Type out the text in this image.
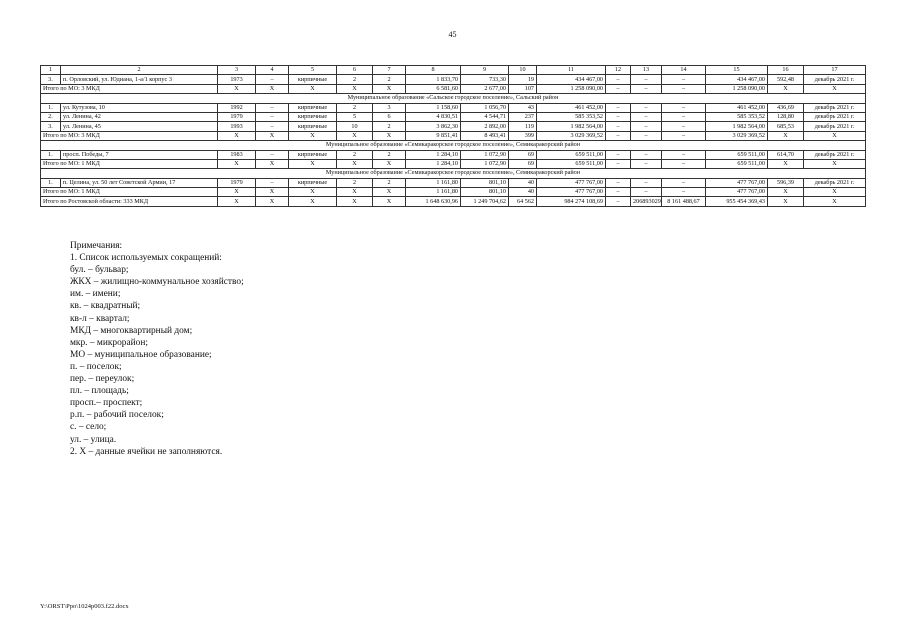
45
1	2	3	4	5	6	7	8	9	10	11	12	13	14	15	16	17
3.	п. Орловский, ул. Юдиана, 1-а/1 корпус 3	1973	–	кирпичные	2	2	1 833,70	733,30	19	434 467,00	–	–	–	434 467,00	592,48	декабрь 2021 г.
Итого по МО: 3 МКД		Х	Х	Х	Х	Х	6 581,60	2 677,00	107	1 258 090,00	–	–	–	1 258 090,00	Х	Х
Муниципальное образование «Сальское городское поселение», Сальский район																
1.	ул. Кутузова, 10	1992	–	кирпичные	2	3	1 158,60	1 056,70	43	461 452,00	–	–	–	461 452,00	436,69	декабрь 2021 г.
2.	ул. Ленина, 42	1979	–	кирпичные	5	6	4 830,51	4 544,71	237	585 353,52	–	–	–	585 353,52	128,80	декабрь 2021 г.
3.	ул. Ленина, 45	1993	–	кирпичные	10	2	3 862,30	2 892,00	119	1 982 564,00	–	–	–	1 982 564,00	685,53	декабрь 2021 г.
Итого по МО: 3 МКД		Х	Х	Х	Х	Х	9 851,41	8 493,41	399	3 029 369,52	–	–	–	3 029 369,52	Х	Х
Муниципальное образование «Семикаракорское городское поселение», Семикаракорский район																
1.	просп. Победы, 7	1983	–	кирпичные	2	2	1 284,10	1 072,90	69	659 511,00	–	–	–	659 511,00	614,70	декабрь 2021 г.
Итого по МО: 1 МКД		Х	Х	Х	Х	Х	1 284,10	1 072,90	69	659 511,00	–	–	–	659 511,00	Х	Х
Муниципальное образование «Семикаракорское городское поселение», Семикаракорский район																
1.	п. Целина, ул. 50 лет Советской Армии, 17	1979	–	кирпичные	2	2	1 161,80	801,10	40	477 767,00	–	–	–	477 767,00	596,39	декабрь 2021 г.
Итого по МО: 1 МКД		Х	Х	Х	Х	Х	1 161,80	801,10	40	477 767,00	–	–	–	477 767,00	Х	Х
Итого по Ростовской области: 333 МКД		Х	Х	Х	Х	Х	1 648 630,96	1 249 704,62	64 562	984 274 108,69	–	206893029	8 161 488,67	955 454 369,43	Х	Х
Примечания:
1. Список используемых сокращений:
бул. – бульвар;
ЖКХ – жилищно-коммунальное хозяйство;
им. – имени;
кв. – квадратный;
кв-л – квартал;
МКД – многоквартирный дом;
мкр. – микрорайон;
МО – муниципальное образование;
п. – поселок;
пер. – переулок;
пл. – площадь;
просп.– проспект;
р.п. – рабочий поселок;
с. – село;
ул. – улица.
2. Х – данные ячейки не заполняются.
Y:\ORST\Ppo\1024p003.f22.docx
